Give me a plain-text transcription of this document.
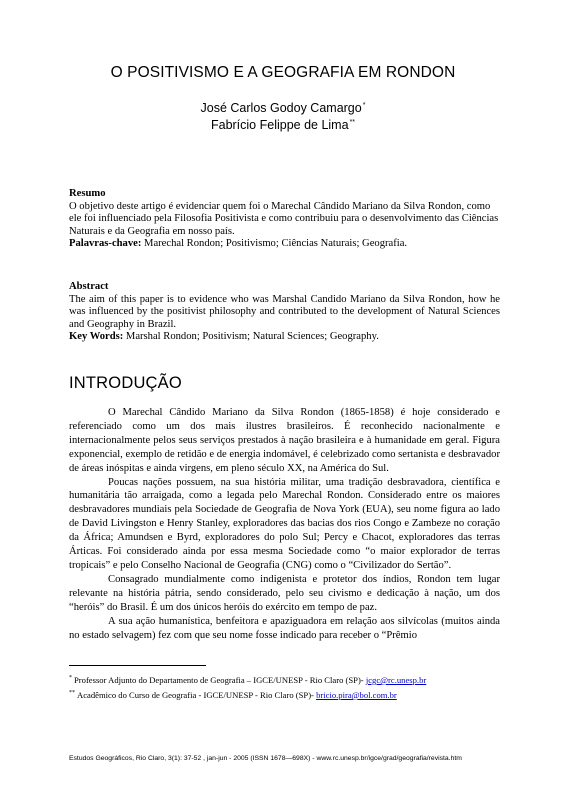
O POSITIVISMO E A GEOGRAFIA EM RONDON
José Carlos Godoy Camargo*
Fabrício Felippe de Lima**

Resumo

O objetivo deste artigo é evidenciar quem foi o Marechal Cândido Mariano da Silva Rondon, como ele foi influenciado pela Filosofia Positivista e como contribuiu para o desenvolvimento das Ciências Naturais e da Geografia em nosso país.

Palavras-chave: Marechal Rondon; Positivismo; Ciências Naturais; Geografia.

Abstract

The aim of this paper is to evidence who was Marshal Candido Mariano da Silva Rondon, how he was influenced by the positivist philosophy and contributed to the development of Natural Sciences and Geography in Brazil.

Key Words: Marshal Rondon; Positivism; Natural Sciences; Geography.

INTRODUÇÃO

O Marechal Cândido Mariano da Silva Rondon (1865-1858) é hoje considerado e referenciado como um dos mais ilustres brasileiros. É reconhecido nacionalmente e internacionalmente pelos seus serviços prestados à nação brasileira e à humanidade em geral. Figura exponencial, exemplo de retidão e de energia indomável, é celebrizado como sertanista e desbravador de áreas inóspitas e ainda virgens, em pleno século XX, na América do Sul.

Poucas nações possuem, na sua história militar, uma tradição desbravadora, científica e humanitária tão arraigada, como a legada pelo Marechal Rondon. Considerado entre os maiores desbravadores mundiais pela Sociedade de Geografia de Nova York (EUA), seu nome figura ao lado de David Livingston e Henry Stanley, exploradores das bacias dos rios Congo e Zambeze no coração da África; Amundsen e Byrd, exploradores do polo Sul; Percy e Chacot, exploradores das terras Árticas. Foi considerado ainda por essa mesma Sociedade como “o maior explorador de terras tropicais” e pelo Conselho Nacional de Geografia (CNG) como o “Civilizador do Sertão”.

Consagrado mundialmente como indigenista e protetor dos índios, Rondon tem lugar relevante na história pátria, sendo considerado, pelo seu civismo e dedicação à nação, um dos “heróis” do Brasil. É um dos únicos heróis do exército em tempo de paz.

A sua ação humanística, benfeitora e apaziguadora em relação aos silvícolas (muitos ainda no estado selvagem) fez com que seu nome fosse indicado para receber o “Prêmio

* Professor Adjunto do Departamento de Geografia – IGCE/UNESP - Rio Claro (SP)- jcgc@rc.unesp.br

** Acadêmico do Curso de Geografia - IGCE/UNESP - Rio Claro (SP)- bricio.pira@bol.com.br

Estudos Geográficos, Rio Claro, 3(1): 37-52 , jan-jun - 2005 (ISSN 1678—698X) - www.rc.unesp.br/igce/grad/geografia/revista.htm
